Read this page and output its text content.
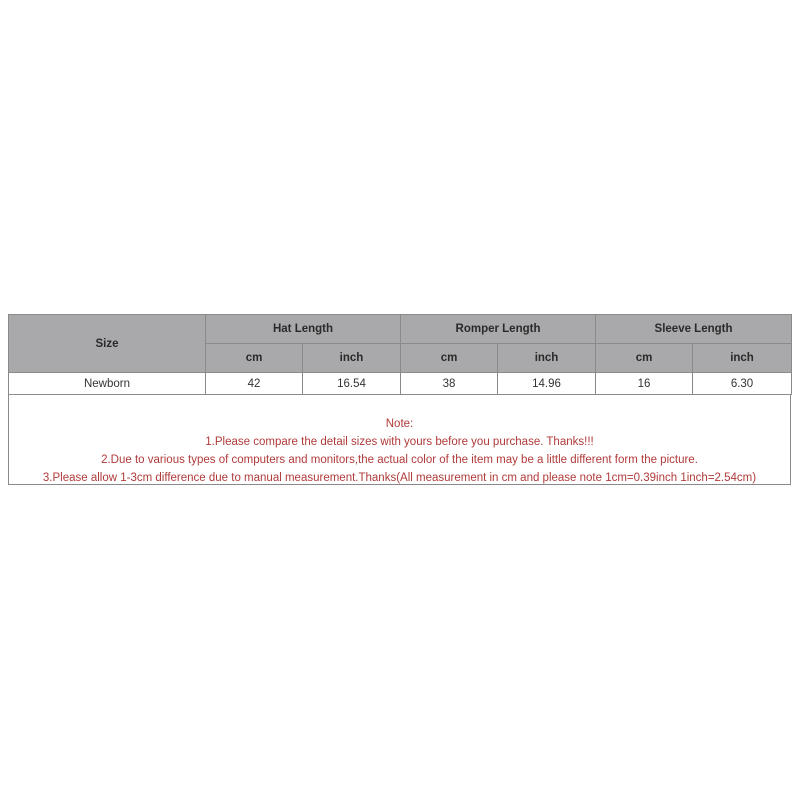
Size	Hat Length		Romper Length		Sleeve Length	
	cm	inch	cm	inch	cm	inch
Newborn	42	16.54	38	14.96	16	6.30
Note:
1.Please compare the detail sizes with yours before you purchase. Thanks!!!
2.Due to various types of computers and monitors,the actual color of the item may be a little different form the picture.
3.Please allow 1-3cm difference due to manual measurement.Thanks(All measurement in cm and please note 1cm=0.39inch 1inch=2.54cm)
